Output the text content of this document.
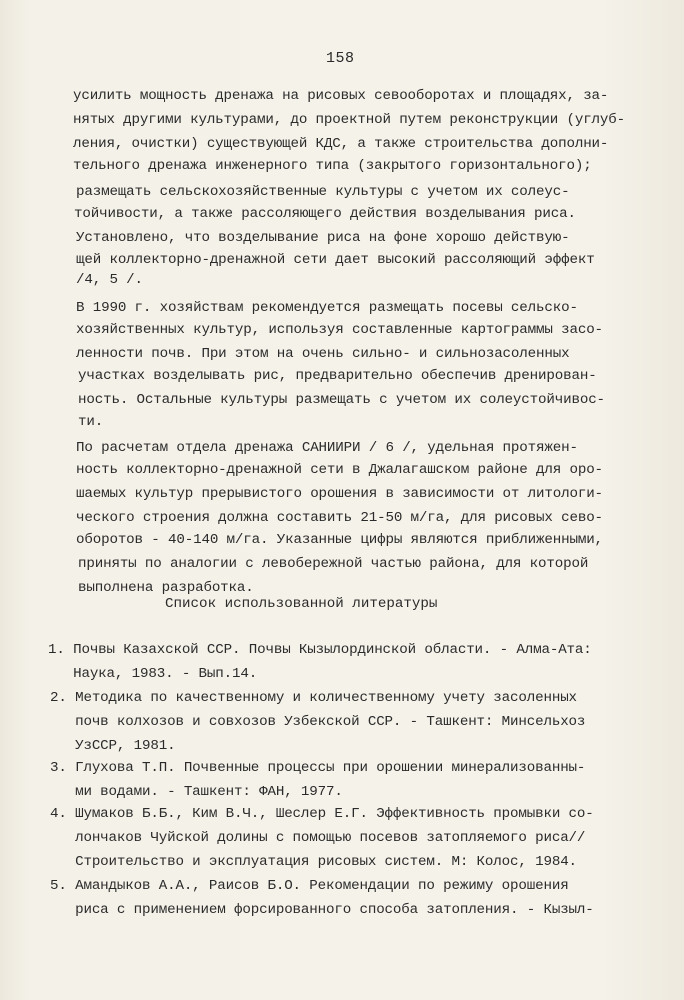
158
усилить мощность дренажа на рисовых севооборотах и площадях, за-
нятых другими культурами, до проектной путем реконструкции (углуб-
ления, очистки) существующей КДС, а также строительства дополни-
тельного дренажа инженерного типа (закрытого горизонтального);
размещать сельскохозяйственные культуры с учетом их солеус-
тойчивости, а также рассоляющего действия возделывания риса.
Установлено, что возделывание риса на фоне хорошо действую-
щей коллекторно-дренажной сети дает высокий рассоляющий эффект
/4, 5 /.
В 1990 г. хозяйствам рекомендуется размещать посевы сельско-
хозяйственных культур, используя составленные картограммы засо-
ленности почв. При этом на очень сильно- и сильнозасоленных
участках возделывать рис, предварительно обеспечив дренирован-
ность. Остальные культуры размещать с учетом их солеустойчивос-
ти.
По расчетам отдела дренажа САНИИРИ / 6 /, удельная протяжен-
ность коллекторно-дренажной сети в Джалагашском районе для оро-
шаемых культур прерывистого орошения в зависимости от литологи-
ческого строения должна составить 21-50 м/га, для рисовых сево-
оборотов - 40-140 м/га. Указанные цифры являются приближенными,
приняты по аналогии с левобережной частью района, для которой
выполнена разработка.
Список использованной литературы
1. Почвы Казахской ССР. Почвы Кызылординской области. - Алма-Ата:
Наука, 1983. - Вып.14.
2. Методика по качественному и количественному учету засоленных
почв колхозов и совхозов Узбекской ССР. - Ташкент: Минсельхоз
УзССР, 1981.
3. Глухова Т.П. Почвенные процессы при орошении минерализованны-
ми водами. - Ташкент: ФАН, 1977.
4. Шумаков Б.Б., Ким В.Ч., Шеслер Е.Г. Эффективность промывки со-
лончаков Чуйской долины с помощью посевов затопляемого риса//
Строительство и эксплуатация рисовых систем. М: Колос, 1984.
5. Амандыков А.А., Раисов Б.О. Рекомендации по режиму орошения
риса с применением форсированного способа затопления. - Кызыл-
